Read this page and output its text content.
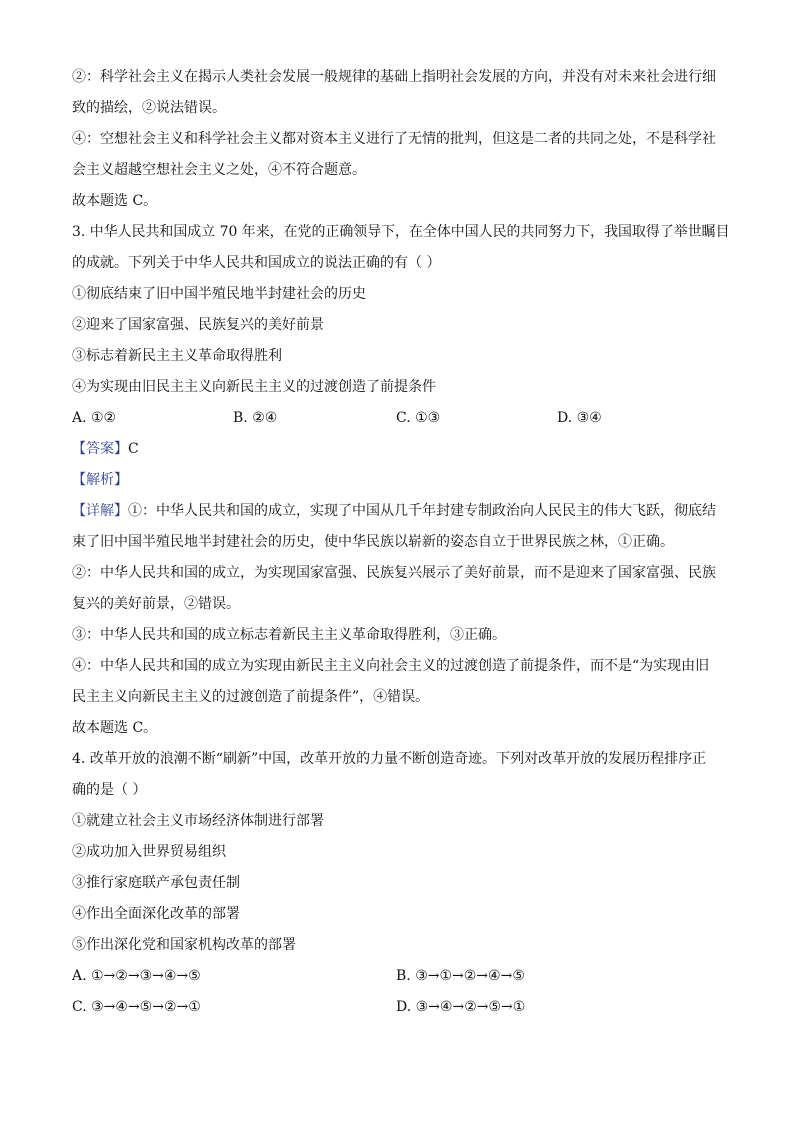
②：科学社会主义在揭示人类社会发展一般规律的基础上指明社会发展的方向，并没有对未来社会进行细
致的描绘，②说法错误。
④：空想社会主义和科学社会主义都对资本主义进行了无情的批判，但这是二者的共同之处，不是科学社
会主义超越空想社会主义之处，④不符合题意。
故本题选 C。
3. 中华人民共和国成立 70 年来，在党的正确领导下，在全体中国人民的共同努力下，我国取得了举世瞩目
的成就。下列关于中华人民共和国成立的说法正确的有（ ）
①彻底结束了旧中国半殖民地半封建社会的历史
②迎来了国家富强、民族复兴的美好前景
③标志着新民主主义革命取得胜利
④为实现由旧民主主义向新民主主义的过渡创造了前提条件
A. ①②	B. ②④	C. ①③	D. ③④
【答案】C
【解析】
【详解】①：中华人民共和国的成立，实现了中国从几千年封建专制政治向人民民主的伟大飞跃，彻底结
束了旧中国半殖民地半封建社会的历史，使中华民族以崭新的姿态自立于世界民族之林，①正确。
②：中华人民共和国的成立，为实现国家富强、民族复兴展示了美好前景，而不是迎来了国家富强、民族
复兴的美好前景，②错误。
③：中华人民共和国的成立标志着新民主主义革命取得胜利，③正确。
④：中华人民共和国的成立为实现由新民主主义向社会主义的过渡创造了前提条件，而不是“为实现由旧
民主主义向新民主主义的过渡创造了前提条件”，④错误。
故本题选 C。
4. 改革开放的浪潮不断“刷新”中国，改革开放的力量不断创造奇迹。下列对改革开放的发展历程排序正
确的是（ ）
①就建立社会主义市场经济体制进行部署
②成功加入世界贸易组织
③推行家庭联产承包责任制
④作出全面深化改革的部署
⑤作出深化党和国家机构改革的部署
A. ①→②→③→④→⑤	B. ③→①→②→④→⑤
C. ③→④→⑤→②→①	D. ③→④→②→⑤→①
